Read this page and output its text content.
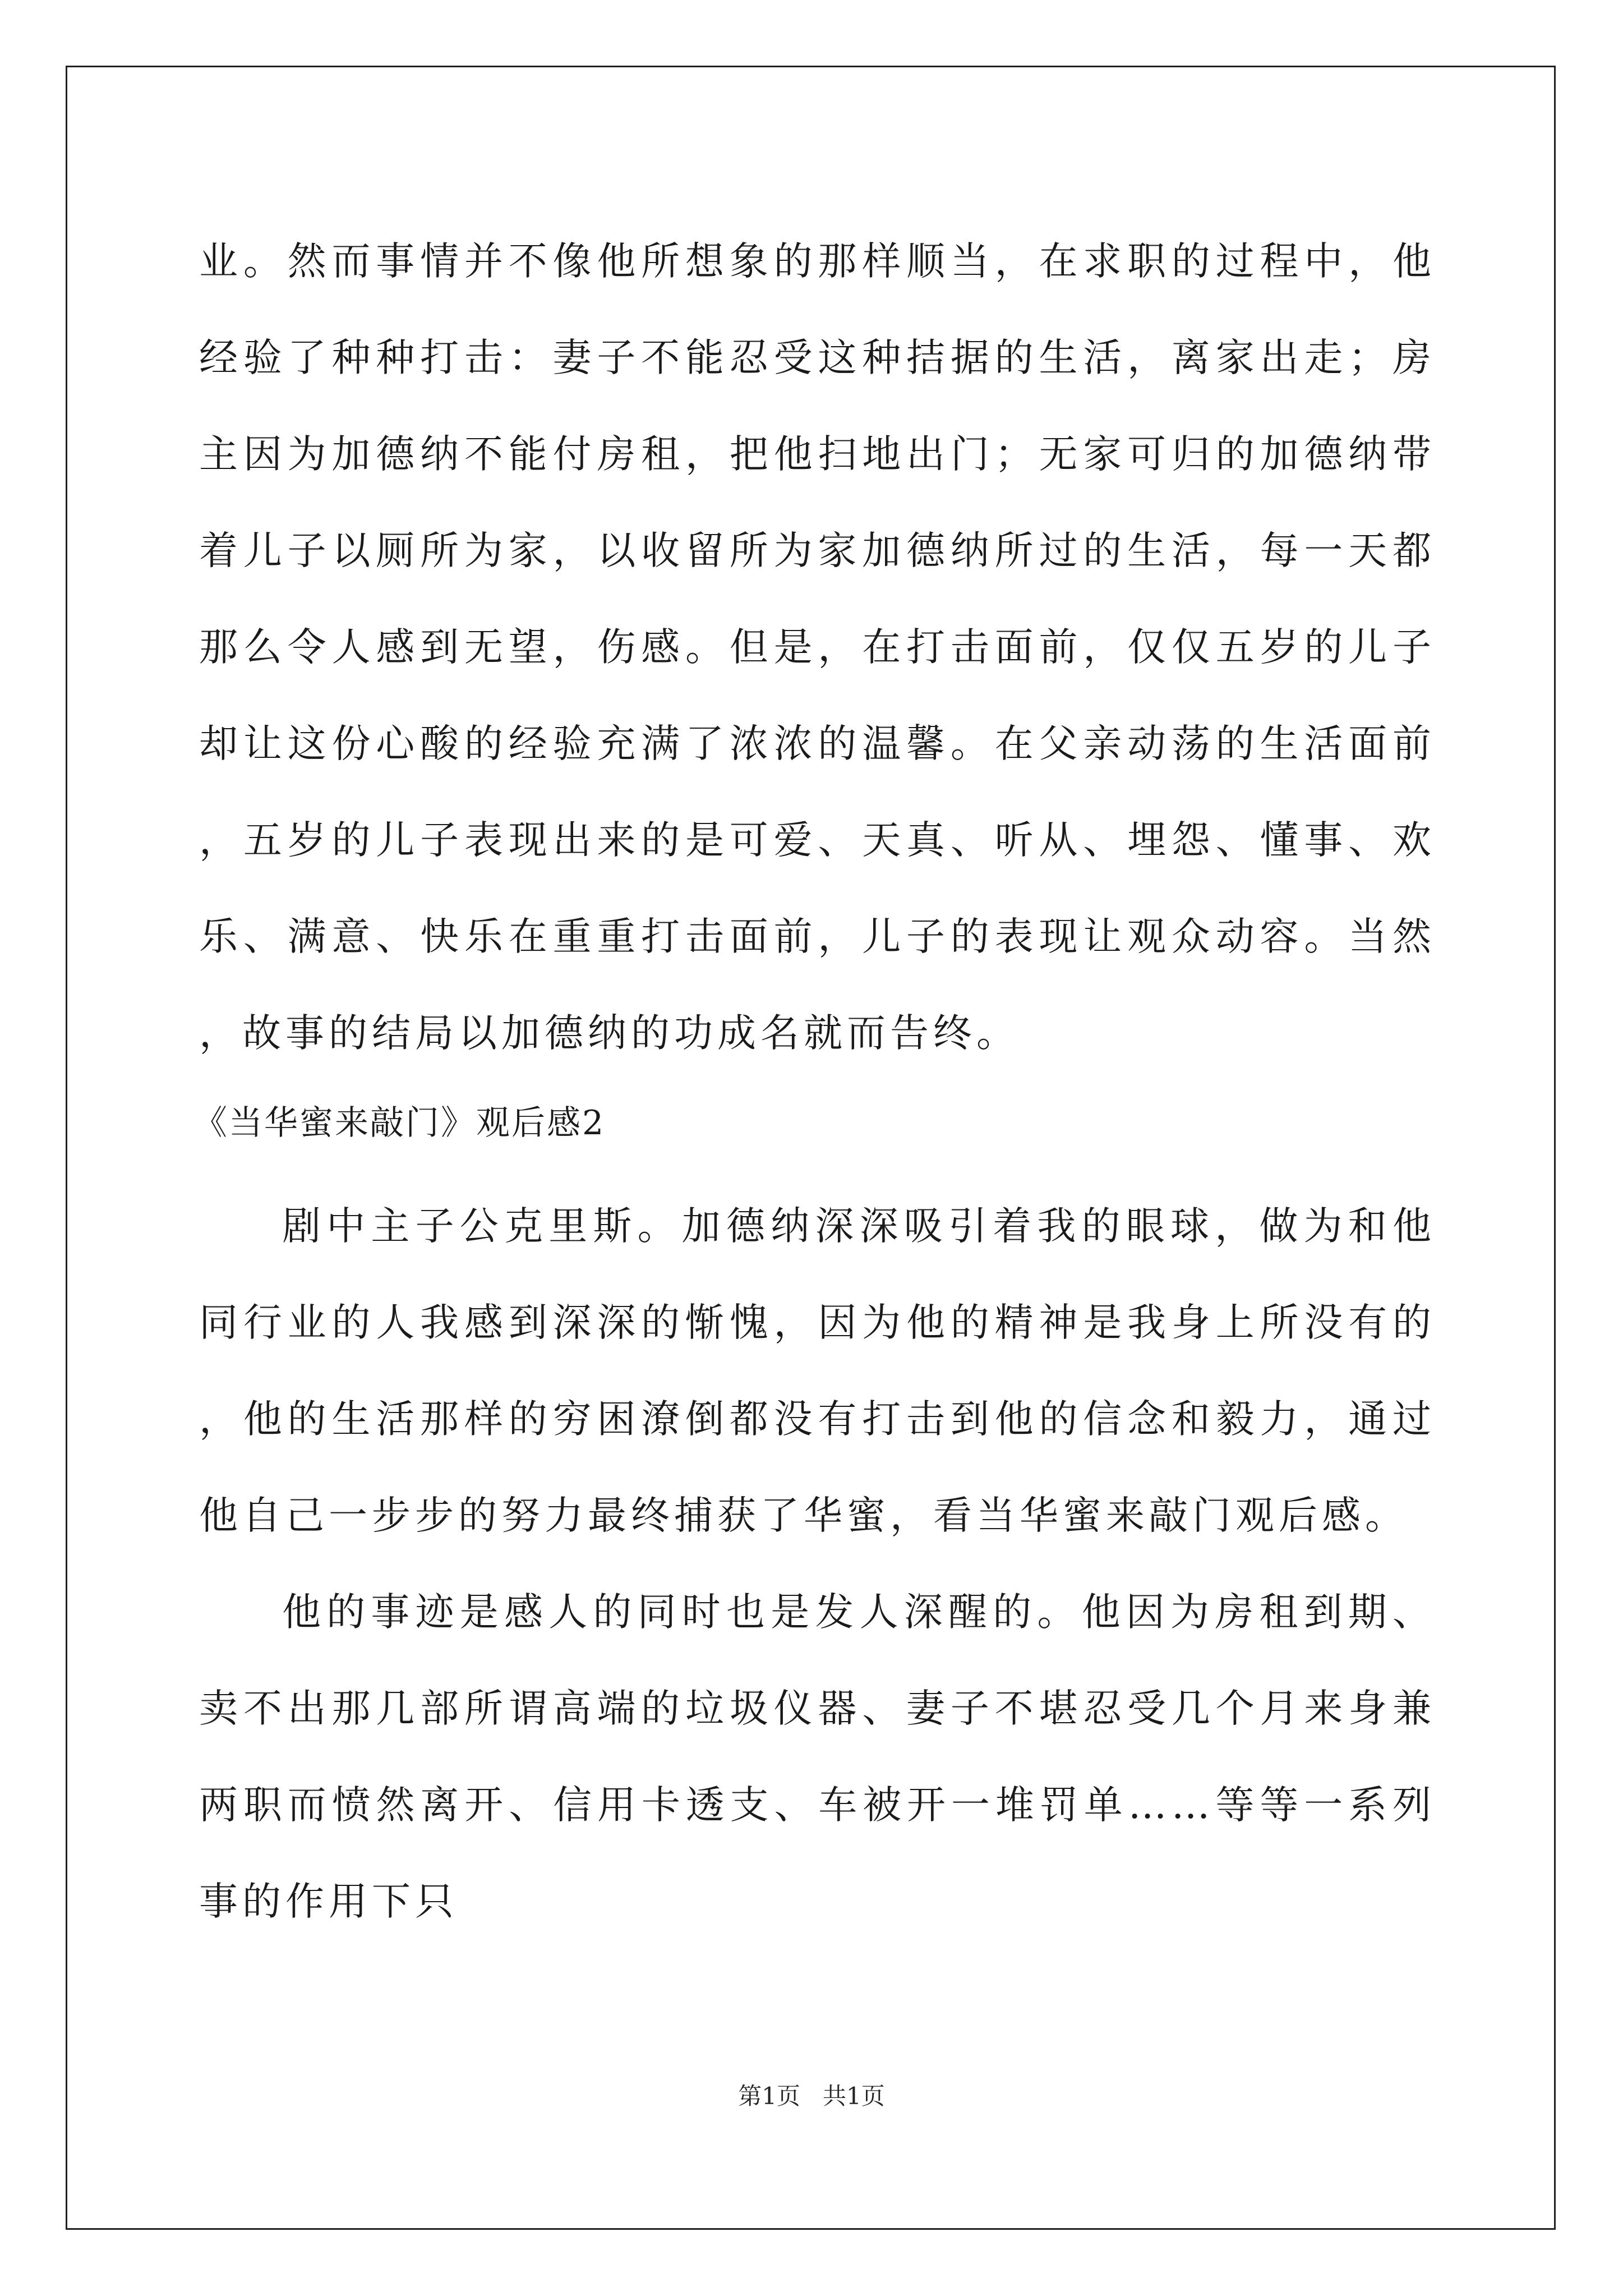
业。然而事情并不像他所想象的那样顺当，在求职的过程中，他经验了种种打击：妻子不能忍受这种拮据的生活，离家出走；房主因为加德纳不能付房租，把他扫地出门；无家可归的加德纳带着儿子以厕所为家，以收留所为家加德纳所过的生活，每一天都那么令人感到无望，伤感。但是，在打击面前，仅仅五岁的儿子却让这份心酸的经验充满了浓浓的温馨。在父亲动荡的生活面前，五岁的儿子表现出来的是可爱、天真、听从、埋怨、懂事、欢乐、满意、快乐在重重打击面前，儿子的表现让观众动容。当然，故事的结局以加德纳的功成名就而告终。

《当华蜜来敲门》观后感2

剧中主子公克里斯。加德纳深深吸引着我的眼球，做为和他同行业的人我感到深深的惭愧，因为他的精神是我身上所没有的，他的生活那样的穷困潦倒都没有打击到他的信念和毅力，通过他自己一步步的努力最终捕获了华蜜，看当华蜜来敲门观后感。

他的事迹是感人的同时也是发人深醒的。他因为房租到期、卖不出那几部所谓高端的垃圾仪器、妻子不堪忍受几个月来身兼两职而愤然离开、信用卡透支、车被开一堆罚单……等等一系列事的作用下只

第1页 共1页
